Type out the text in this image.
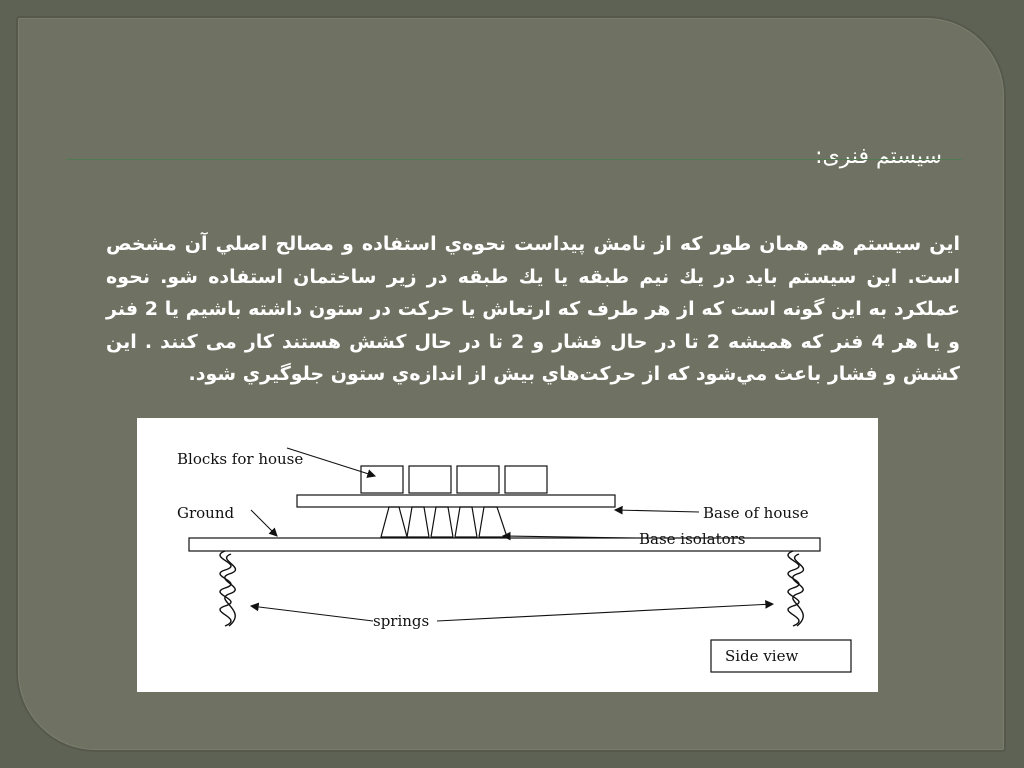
سیستم فنری:

اين سيستم هم همان طور كه از نامش پيداست نحوه‌ي استفاده و مصالح اصلي آن مشخص است. اين سيستم بايد در يك نيم طبقه يا يك طبقه در زير ساختمان استفاده شو. نحوه عملكرد به اين گونه است که از هر طرف که ارتعاش يا حرکت در ستون داشته باشيم يا 2 فنر و يا هر 4 فنر که هميشه 2 تا در حال فشار و 2 تا در حال کشش هستند کار می کنند . اين كشش و فشار باعث مي‌شود كه از حركت‌هاي بيش از اندازه‌ي ستون جلوگيري شود.

Blocks for house
Ground	Base of house
Base isolators
springs
Side view
